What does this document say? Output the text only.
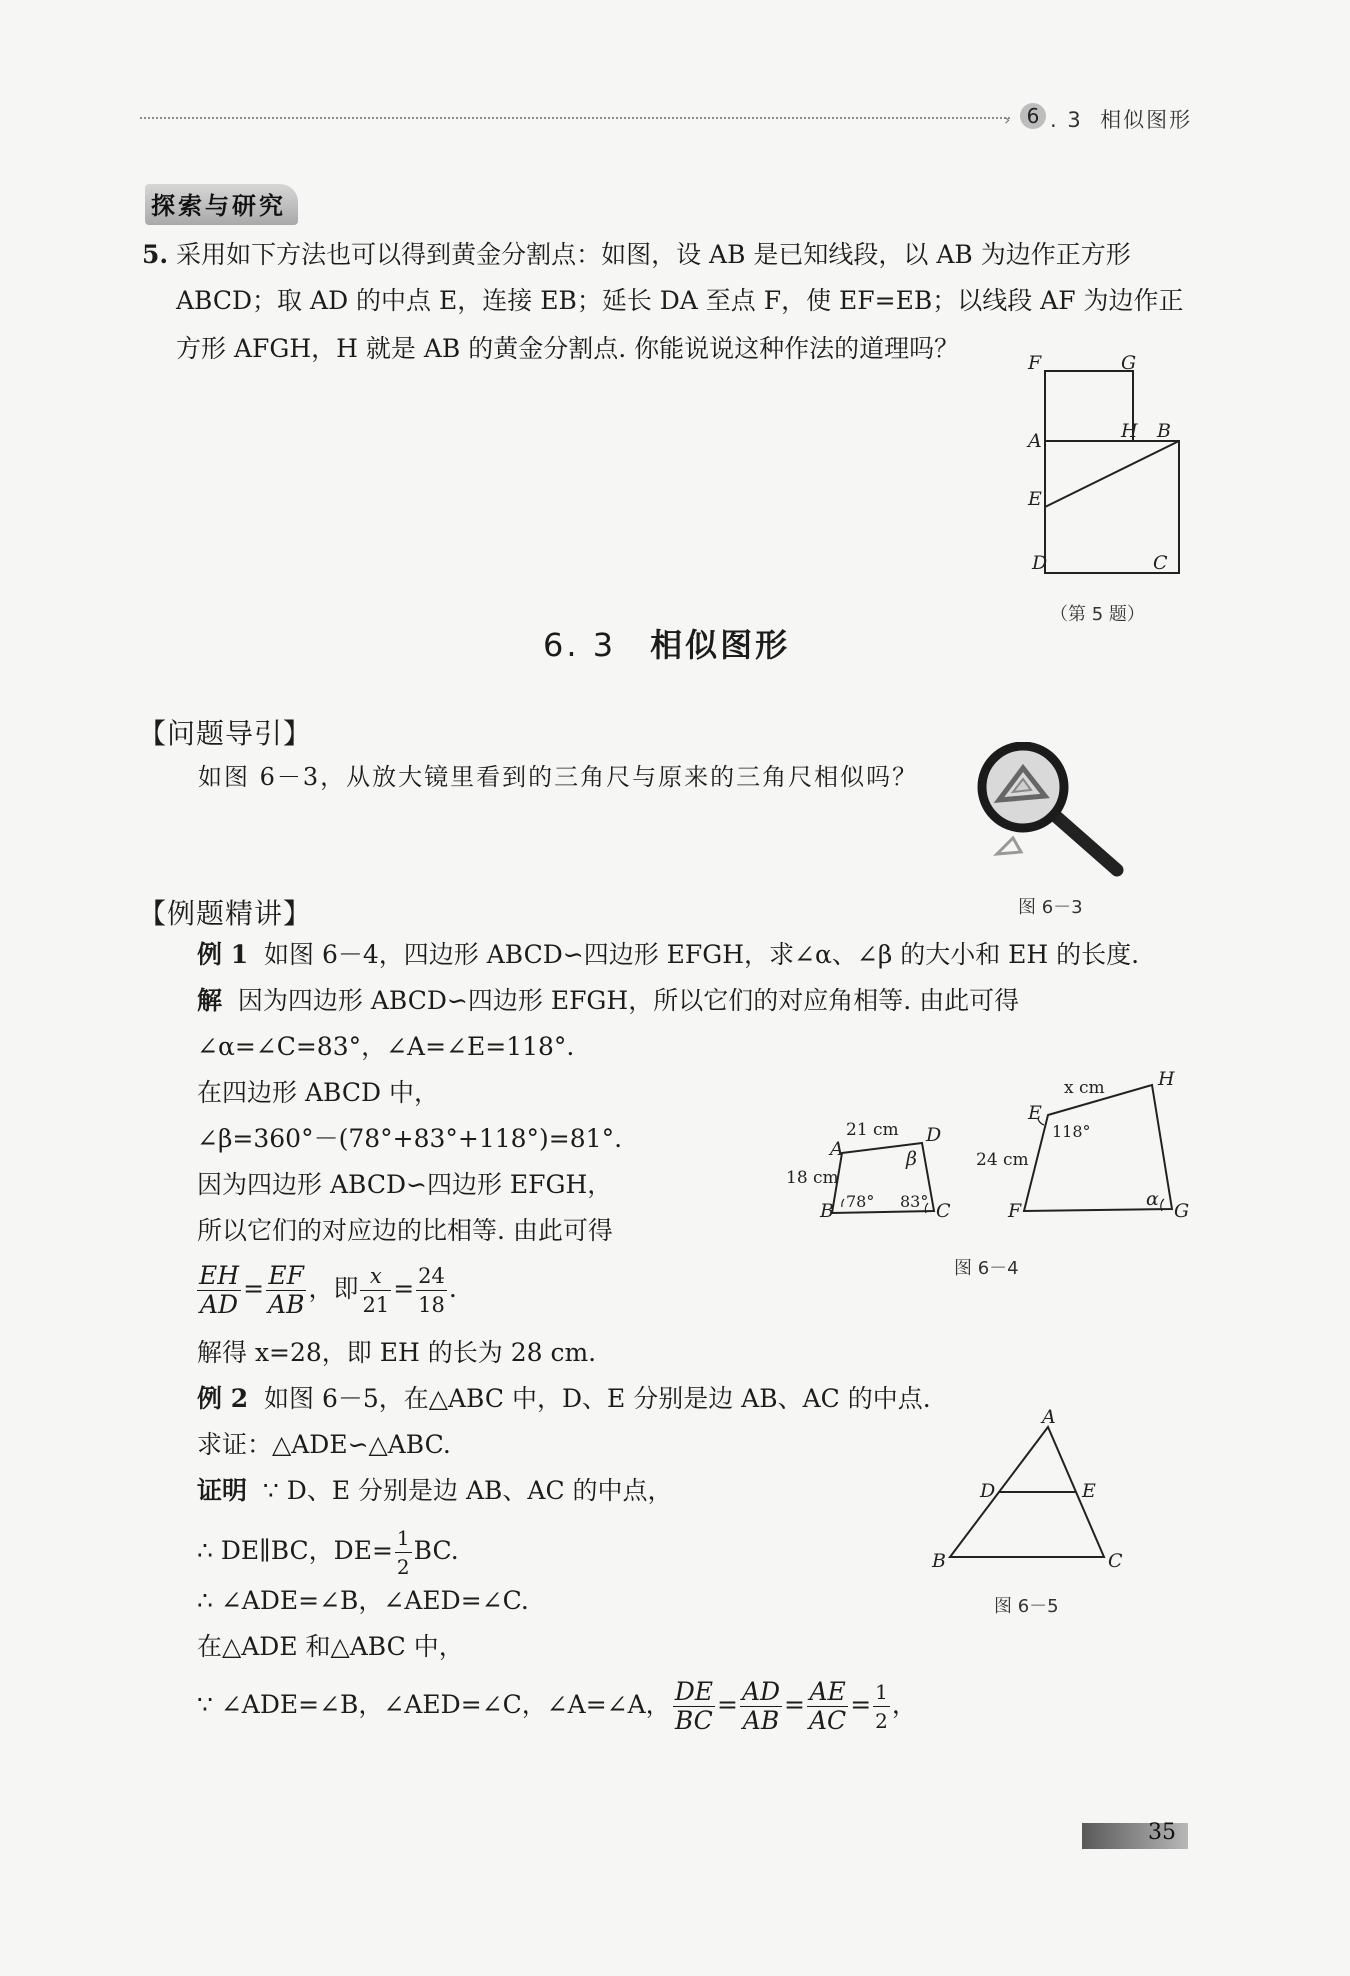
› 6 . 3 相似图形
探索与研究
5. 采用如下方法也可以得到黄金分割点：如图，设 AB 是已知线段，以 AB 为边作正方形
ABCD；取 AD 的中点 E，连接 EB；延长 DA 至点 F，使 EF=EB；以线段 AF 为边作正
方形 AFGH，H 就是 AB 的黄金分割点. 你能说说这种作法的道理吗？	F	G
A	H B
E
D	C
（第 5 题）
6. 3 相似图形
【问题导引】
如图 6－3，从放大镜里看到的三角尺与原来的三角尺相似吗？
图 6－3
【例题精讲】
例 1 如图 6－4，四边形 ABCD∽四边形 EFGH，求∠α、∠β 的大小和 EH 的长度.
解 因为四边形 ABCD∽四边形 EFGH，所以它们的对应角相等. 由此可得
∠α=∠C=83°，∠A=∠E=118°.
在四边形 ABCD 中，
∠β=360°－(78°+83°+118°)=81°.
因为四边形 ABCD∽四边形 EFGH，
所以它们的对应边的比相等. 由此可得
$\frac{EH}{AD} = \frac{EF}{AB}$ ，即 $\frac{x}{21} = \frac{24}{18}$ .
解得 x=28，即 EH 的长为 28 cm.
A
B	C
D
21 cm
18 cm
78° 83°
β
E
F	G
H
x cm
24 cm
118°
α
图 6－4
例 2 如图 6－5，在△ABC 中，D、E 分别是边 AB、AC 的中点.
求证：△ADE∽△ABC.
证明 ∵ D、E 分别是边 AB、AC 的中点，
∴ DE∥BC，$DE= \frac{1}{2}$ BC.
∴ ∠ADE=∠B，∠AED=∠C.
在△ADE 和△ABC 中，
∵ ∠ADE=∠B，∠AED=∠C，∠A=∠A， $\frac{DE}{BC} = \frac{AD}{AB} = \frac{AE}{AC} = \frac{1}{2}$ ，
A
B	C
D	E
图 6－5
35
